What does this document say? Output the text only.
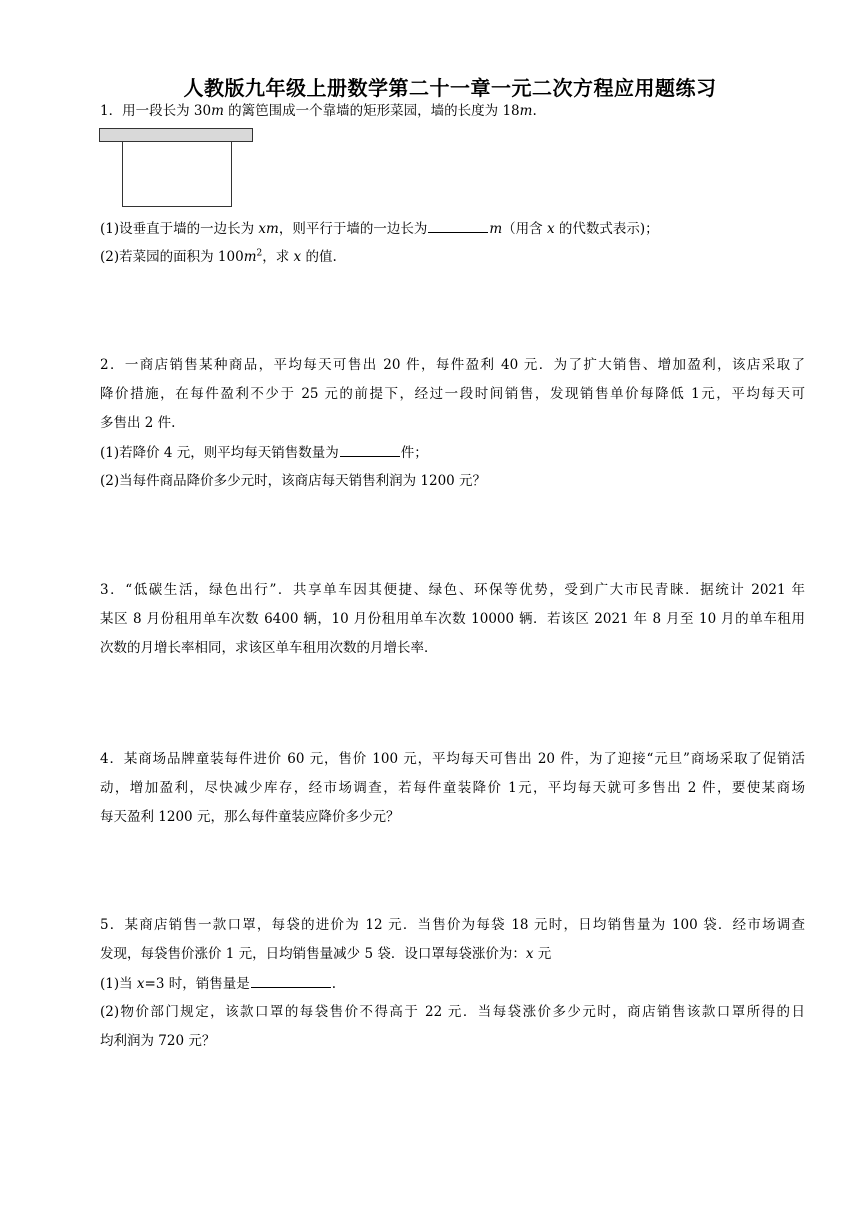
人教版九年级上册数学第二十一章一元二次方程应用题练习
1．用一段长为 30m 的篱笆围成一个靠墙的矩形菜园，墙的长度为 18m.
(1)设垂直于墙的一边长为 xm，则平行于墙的一边长为	m（用含 x 的代数式表示)；
(2)若菜园的面积为 $100m^2$，求 x 的值.
2．一商店销售某种商品，平均每天可售出 20 件，每件盈利 40 元．为了扩大销售、增加盈利，该店采取了
降价措施，在每件盈利不少于 25 元的前提下，经过一段时间销售，发现销售单价每降低 1元，平均每天可
多售出 2 件.
(1)若降价 4 元，则平均每天销售数量为	件；
(2)当每件商品降价多少元时，该商店每天销售利润为 1200 元？
3．“低碳生活，绿色出行”．共享单车因其便捷、绿色、环保等优势，受到广大市民青睐．据统计 2021 年
某区 8 月份租用单车次数 6400 辆，10 月份租用单车次数 10000 辆．若该区 2021 年 8 月至 10 月的单车租用
次数的月增长率相同，求该区单车租用次数的月增长率．
4．某商场品牌童装每件进价 60 元，售价 100 元，平均每天可售出 20 件，为了迎接“元旦”商场采取了促销活
动，增加盈利，尽快减少库存，经市场调查，若每件童装降价 1元，平均每天就可多售出 2 件，要使某商场
每天盈利 1200 元，那么每件童装应降价多少元？
5．某商店销售一款口罩，每袋的进价为 12 元．当售价为每袋 18 元时，日均销售量为 100 袋．经市场调查
发现，每袋售价涨价 1 元，日均销售量减少 5 袋．设口罩每袋涨价为：x 元
(1)当 x=3 时，销售量是	.
(2)物价部门规定，该款口罩的每袋售价不得高于 22 元．当每袋涨价多少元时，商店销售该款口罩所得的日
均利润为 720 元？
